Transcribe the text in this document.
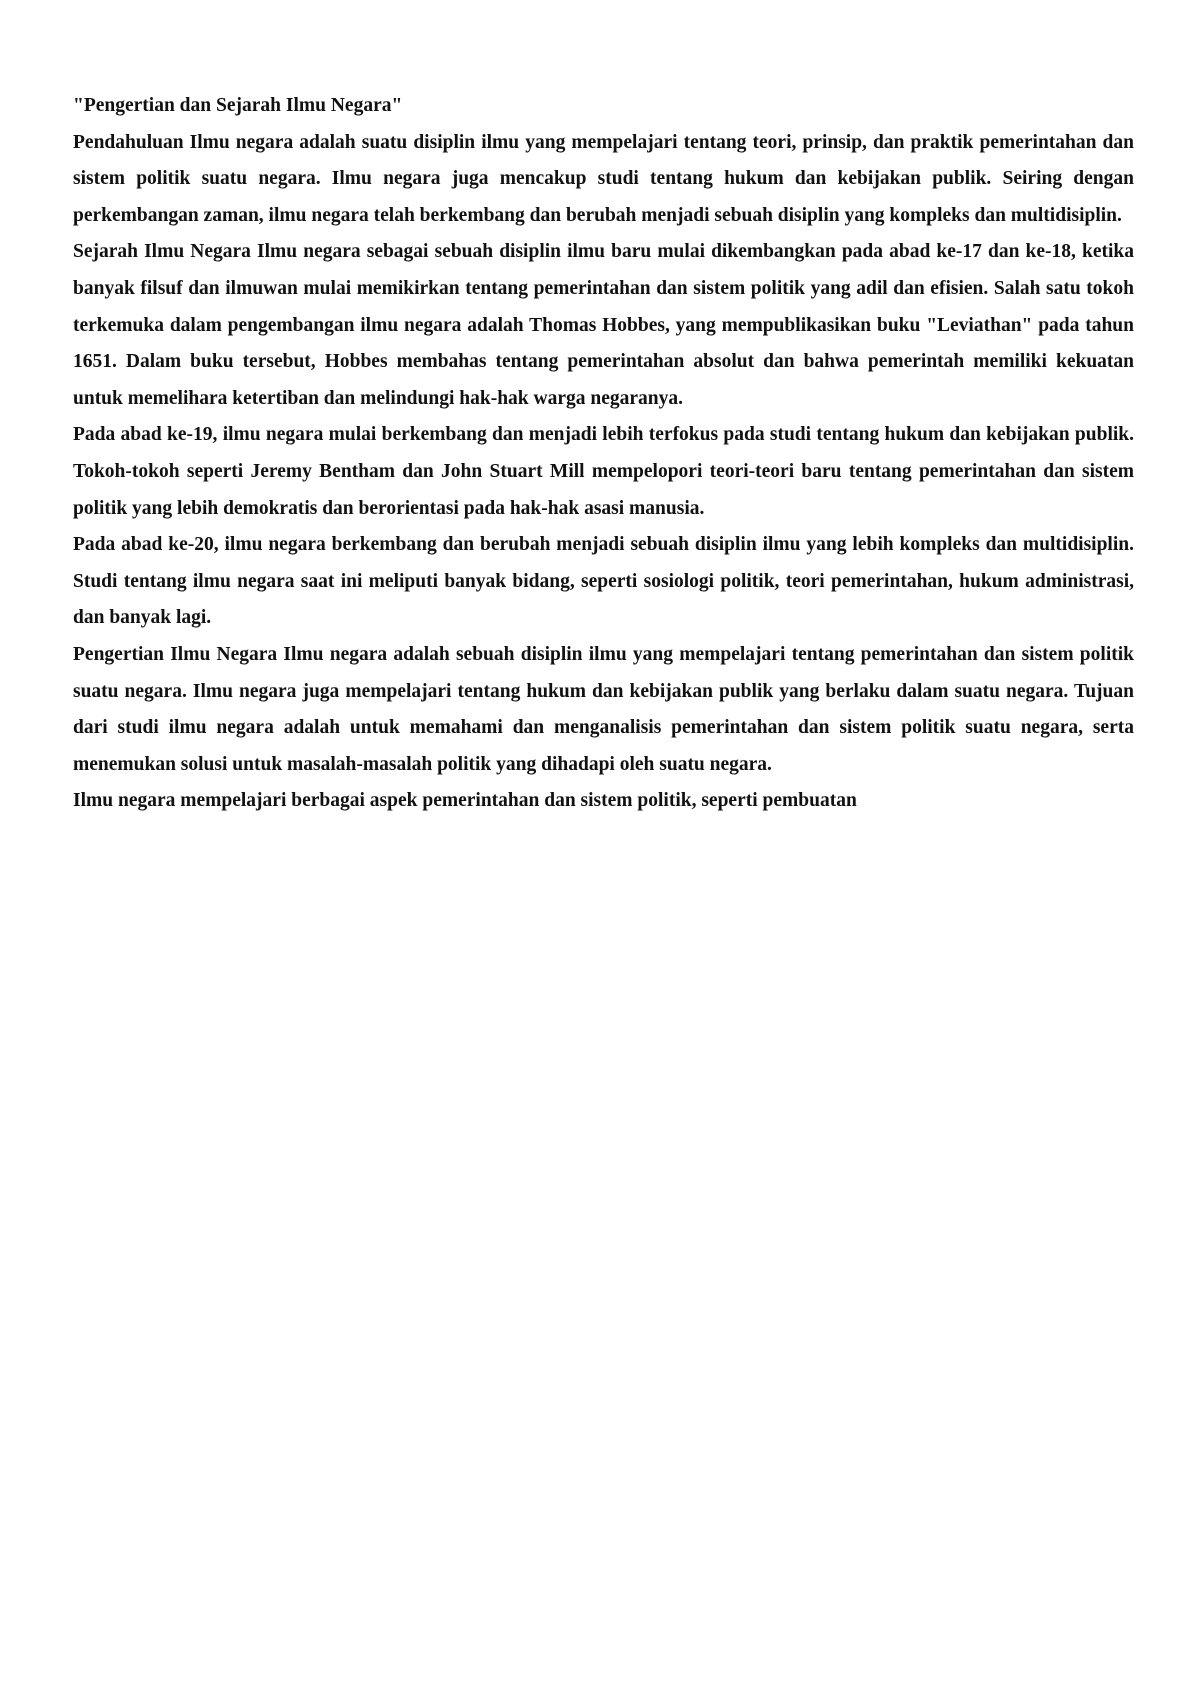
"Pengertian dan Sejarah Ilmu Negara"

Pendahuluan Ilmu negara adalah suatu disiplin ilmu yang mempelajari tentang teori, prinsip, dan praktik pemerintahan dan sistem politik suatu negara. Ilmu negara juga mencakup studi tentang hukum dan kebijakan publik. Seiring dengan perkembangan zaman, ilmu negara telah berkembang dan berubah menjadi sebuah disiplin yang kompleks dan multidisiplin.

Sejarah Ilmu Negara Ilmu negara sebagai sebuah disiplin ilmu baru mulai dikembangkan pada abad ke-17 dan ke-18, ketika banyak filsuf dan ilmuwan mulai memikirkan tentang pemerintahan dan sistem politik yang adil dan efisien. Salah satu tokoh terkemuka dalam pengembangan ilmu negara adalah Thomas Hobbes, yang mempublikasikan buku "Leviathan" pada tahun 1651. Dalam buku tersebut, Hobbes membahas tentang pemerintahan absolut dan bahwa pemerintah memiliki kekuatan untuk memelihara ketertiban dan melindungi hak-hak warga negaranya.

Pada abad ke-19, ilmu negara mulai berkembang dan menjadi lebih terfokus pada studi tentang hukum dan kebijakan publik. Tokoh-tokoh seperti Jeremy Bentham dan John Stuart Mill mempelopori teori-teori baru tentang pemerintahan dan sistem politik yang lebih demokratis dan berorientasi pada hak-hak asasi manusia.

Pada abad ke-20, ilmu negara berkembang dan berubah menjadi sebuah disiplin ilmu yang lebih kompleks dan multidisiplin. Studi tentang ilmu negara saat ini meliputi banyak bidang, seperti sosiologi politik, teori pemerintahan, hukum administrasi, dan banyak lagi.

Pengertian Ilmu Negara Ilmu negara adalah sebuah disiplin ilmu yang mempelajari tentang pemerintahan dan sistem politik suatu negara. Ilmu negara juga mempelajari tentang hukum dan kebijakan publik yang berlaku dalam suatu negara. Tujuan dari studi ilmu negara adalah untuk memahami dan menganalisis pemerintahan dan sistem politik suatu negara, serta menemukan solusi untuk masalah-masalah politik yang dihadapi oleh suatu negara.

Ilmu negara mempelajari berbagai aspek pemerintahan dan sistem politik, seperti pembuatan
